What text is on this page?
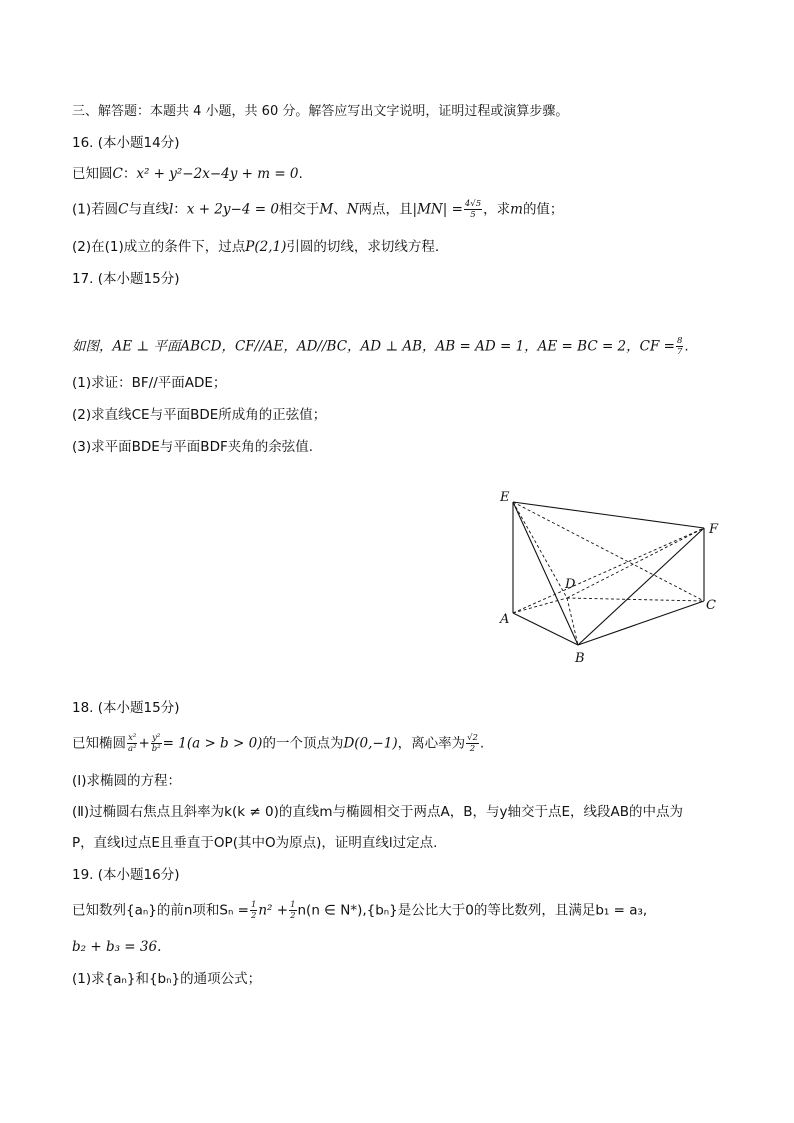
三、解答题：本题共 4 小题，共 60 分。解答应写出文字说明，证明过程或演算步骤。
16. (本小题14分)
已知圆C：x² + y²−2x−4y + m = 0.
(1)若圆C与直线l：x + 2y−4 = 0相交于M、N两点，且$|MN| = \frac{4√5}{5}$ ，求m的值；
(2)在(1)成立的条件下，过点P(2,1)引圆的切线，求切线方程.
17. (本小题15分)
如图，AE ⊥ 平面ABCD，CF//AE，AD//BC，AD ⊥ AB，AB = AD = 1，AE = BC = 2，CF = $\frac{8}{7}$ .
(1)求证：BF//平面ADE；
(2)求直线CE与平面BDE所成角的正弦值；
(3)求平面BDE与平面BDF夹角的余弦值.
E
F
D
A
C
B
18. (本小题15分)
已知椭圆 $\frac{\text{x²}}{\text{a²}} + \frac{\text{y²}}{\text{b²}} = 1(a > b > 0)$的一个顶点为D(0,−1)，离心率为 $\frac{√2}{2}$ .
(Ⅰ)求椭圆的方程：
(Ⅱ)过椭圆右焦点且斜率为k(k ≠ 0)的直线m与椭圆相交于两点A，B，与y轴交于点E，线段AB的中点为
P，直线l过点E且垂直于OP(其中O为原点)，证明直线l过定点.
19. (本小题16分)
已知数列{aₙ}的前n项和$S_n = \frac{1}{2} n^2 + \frac{1}{2} n(n$ ∈ N*),{bₙ}是公比大于0的等比数列，且满足b₁ = a₃,
b₂ + b₃ = 36.
(1)求{aₙ}和{bₙ}的通项公式；
